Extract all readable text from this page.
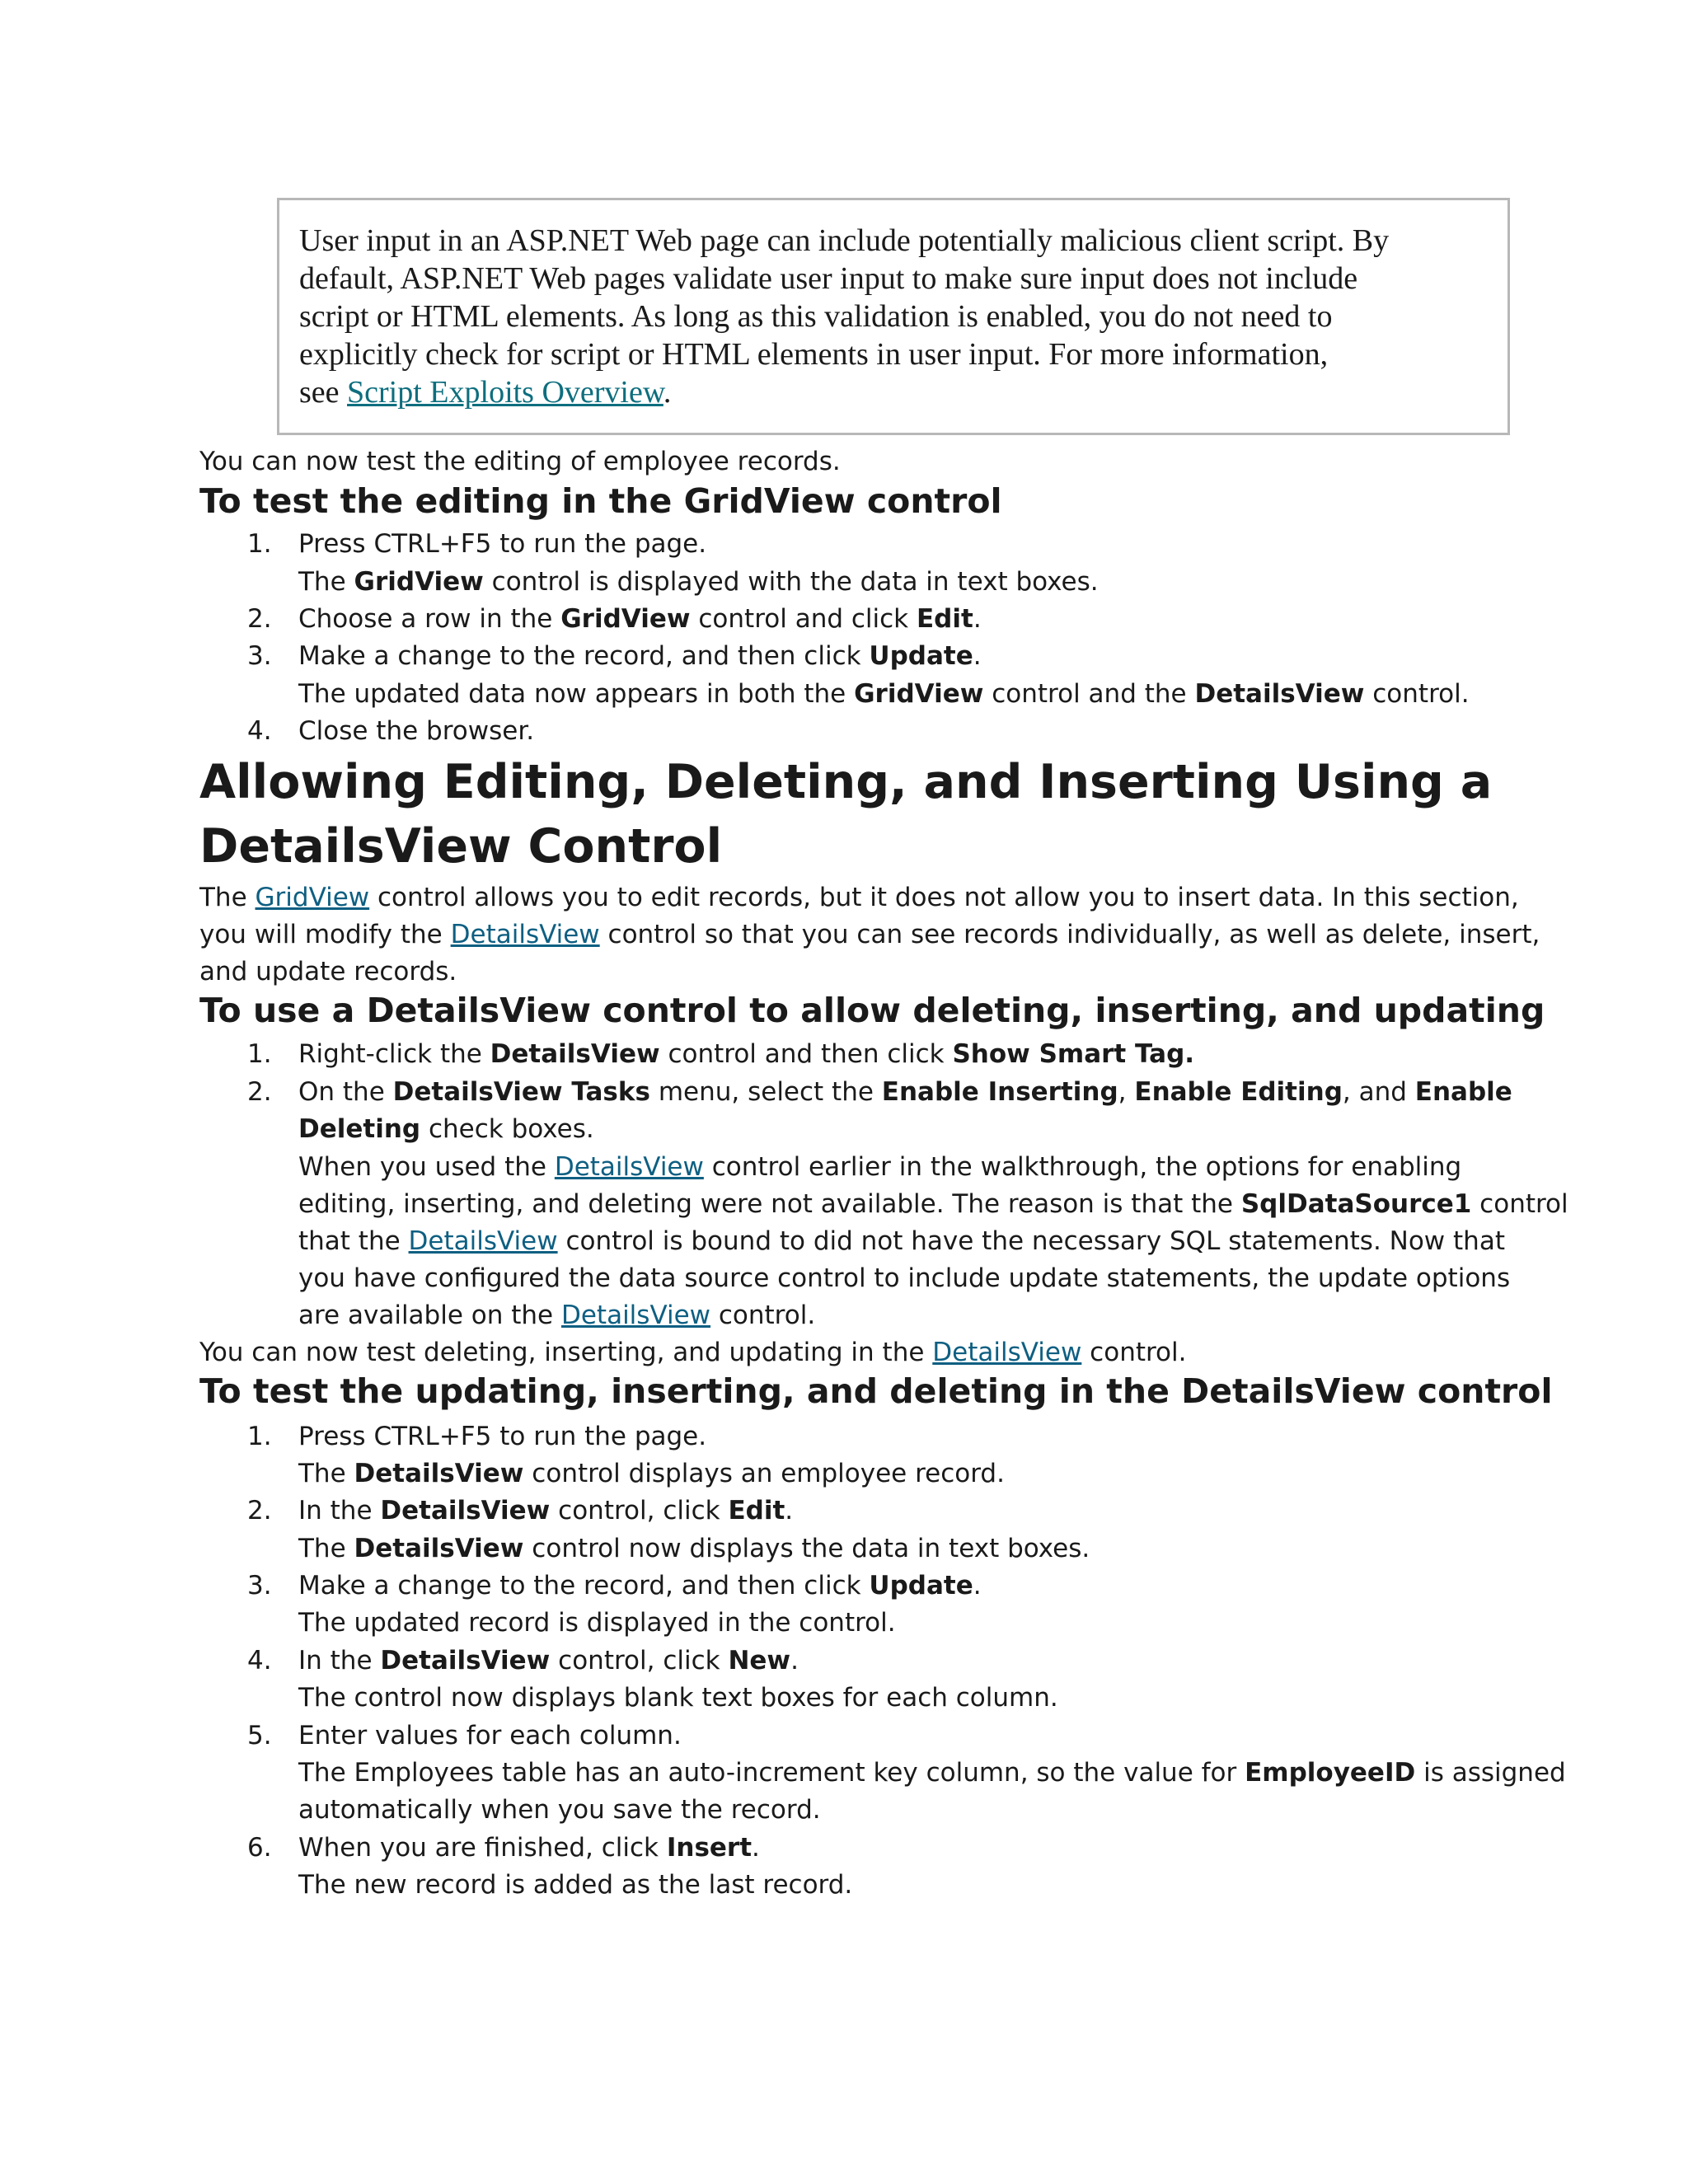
User input in an ASP.NET Web page can include potentially malicious client script. By

default, ASP.NET Web pages validate user input to make sure input does not include

script or HTML elements. As long as this validation is enabled, you do not need to

explicitly check for script or HTML elements in user input. For more information,

see Script Exploits Overview.

You can now test the editing of employee records.
To test the editing in the GridView control
1. Press CTRL+F5 to run the page.
The GridView control is displayed with the data in text boxes.
2. Choose a row in the GridView control and click Edit.
3. Make a change to the record, and then click Update.
The updated data now appears in both the GridView control and the DetailsView control.
4. Close the browser.
Allowing Editing, Deleting, and Inserting Using a
DetailsView Control
The GridView control allows you to edit records, but it does not allow you to insert data. In this section,
you will modify the DetailsView control so that you can see records individually, as well as delete, insert,
and update records.
To use a DetailsView control to allow deleting, inserting, and updating
1. Right-click the DetailsView control and then click Show Smart Tag.
2. On the DetailsView Tasks menu, select the Enable Inserting, Enable Editing, and Enable
Deleting check boxes.
When you used the DetailsView control earlier in the walkthrough, the options for enabling
editing, inserting, and deleting were not available. The reason is that the SqlDataSource1 control
that the DetailsView control is bound to did not have the necessary SQL statements. Now that
you have configured the data source control to include update statements, the update options
are available on the DetailsView control.
You can now test deleting, inserting, and updating in the DetailsView control.
To test the updating, inserting, and deleting in the DetailsView control
1. Press CTRL+F5 to run the page.
The DetailsView control displays an employee record.
2. In the DetailsView control, click Edit.
The DetailsView control now displays the data in text boxes.
3. Make a change to the record, and then click Update.
The updated record is displayed in the control.
4. In the DetailsView control, click New.
The control now displays blank text boxes for each column.
5. Enter values for each column.
The Employees table has an auto-increment key column, so the value for EmployeeID is assigned
automatically when you save the record.
6. When you are finished, click Insert.
The new record is added as the last record.
